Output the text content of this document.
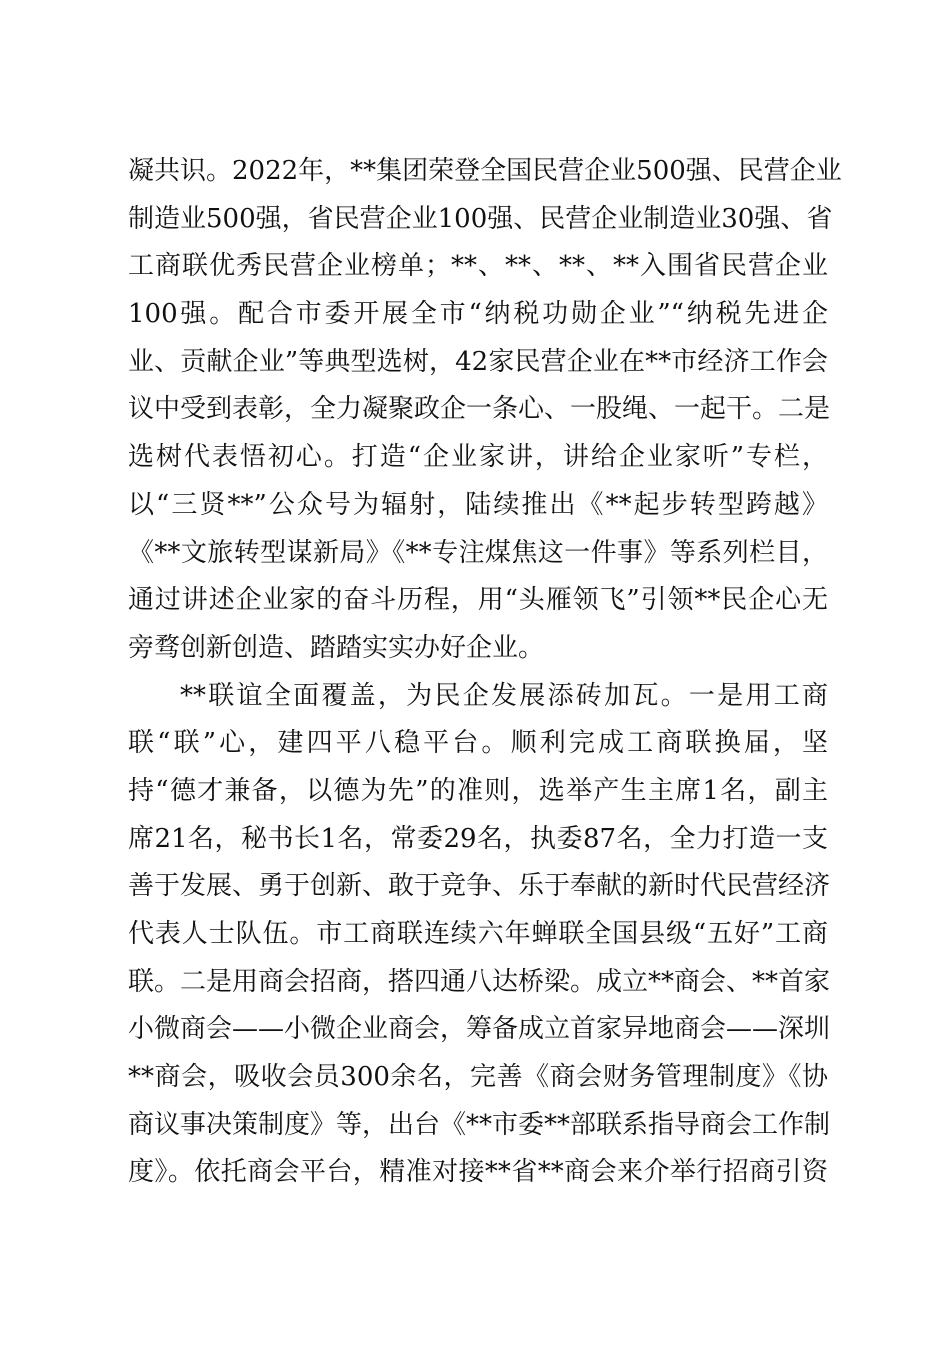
凝共识。2022年，**集团荣登全国民营企业500强、民营企业
制造业500强，省民营企业100强、民营企业制造业30强、省
工商联优秀民营企业榜单；**、**、**、**入围省民营企业
100强。配合市委开展全市“纳税功勋企业”“纳税先进企
业、贡献企业”等典型选树，42家民营企业在**市经济工作会
议中受到表彰，全力凝聚政企一条心、一股绳、一起干。二是
选树代表悟初心。打造“企业家讲，讲给企业家听”专栏，
以“三贤**”公众号为辐射，陆续推出《**起步转型跨越》
《**文旅转型谋新局》《**专注煤焦这一件事》等系列栏目，
通过讲述企业家的奋斗历程，用“头雁领飞”引领**民企心无
旁骛创新创造、踏踏实实办好企业。
**联谊全面覆盖，为民企发展添砖加瓦。一是用工商
联“联”心，建四平八稳平台。顺利完成工商联换届，坚
持“德才兼备，以德为先”的准则，选举产生主席1名，副主
席21名，秘书长1名，常委29名，执委87名，全力打造一支
善于发展、勇于创新、敢于竞争、乐于奉献的新时代民营经济
代表人士队伍。市工商联连续六年蝉联全国县级“五好”工商
联。二是用商会招商，搭四通八达桥梁。成立**商会、**首家
小微商会——小微企业商会，筹备成立首家异地商会——深圳
**商会，吸收会员300余名，完善《商会财务管理制度》《协
商议事决策制度》等，出台《**市委**部联系指导商会工作制
度》。依托商会平台，精准对接**省**商会来介举行招商引资
